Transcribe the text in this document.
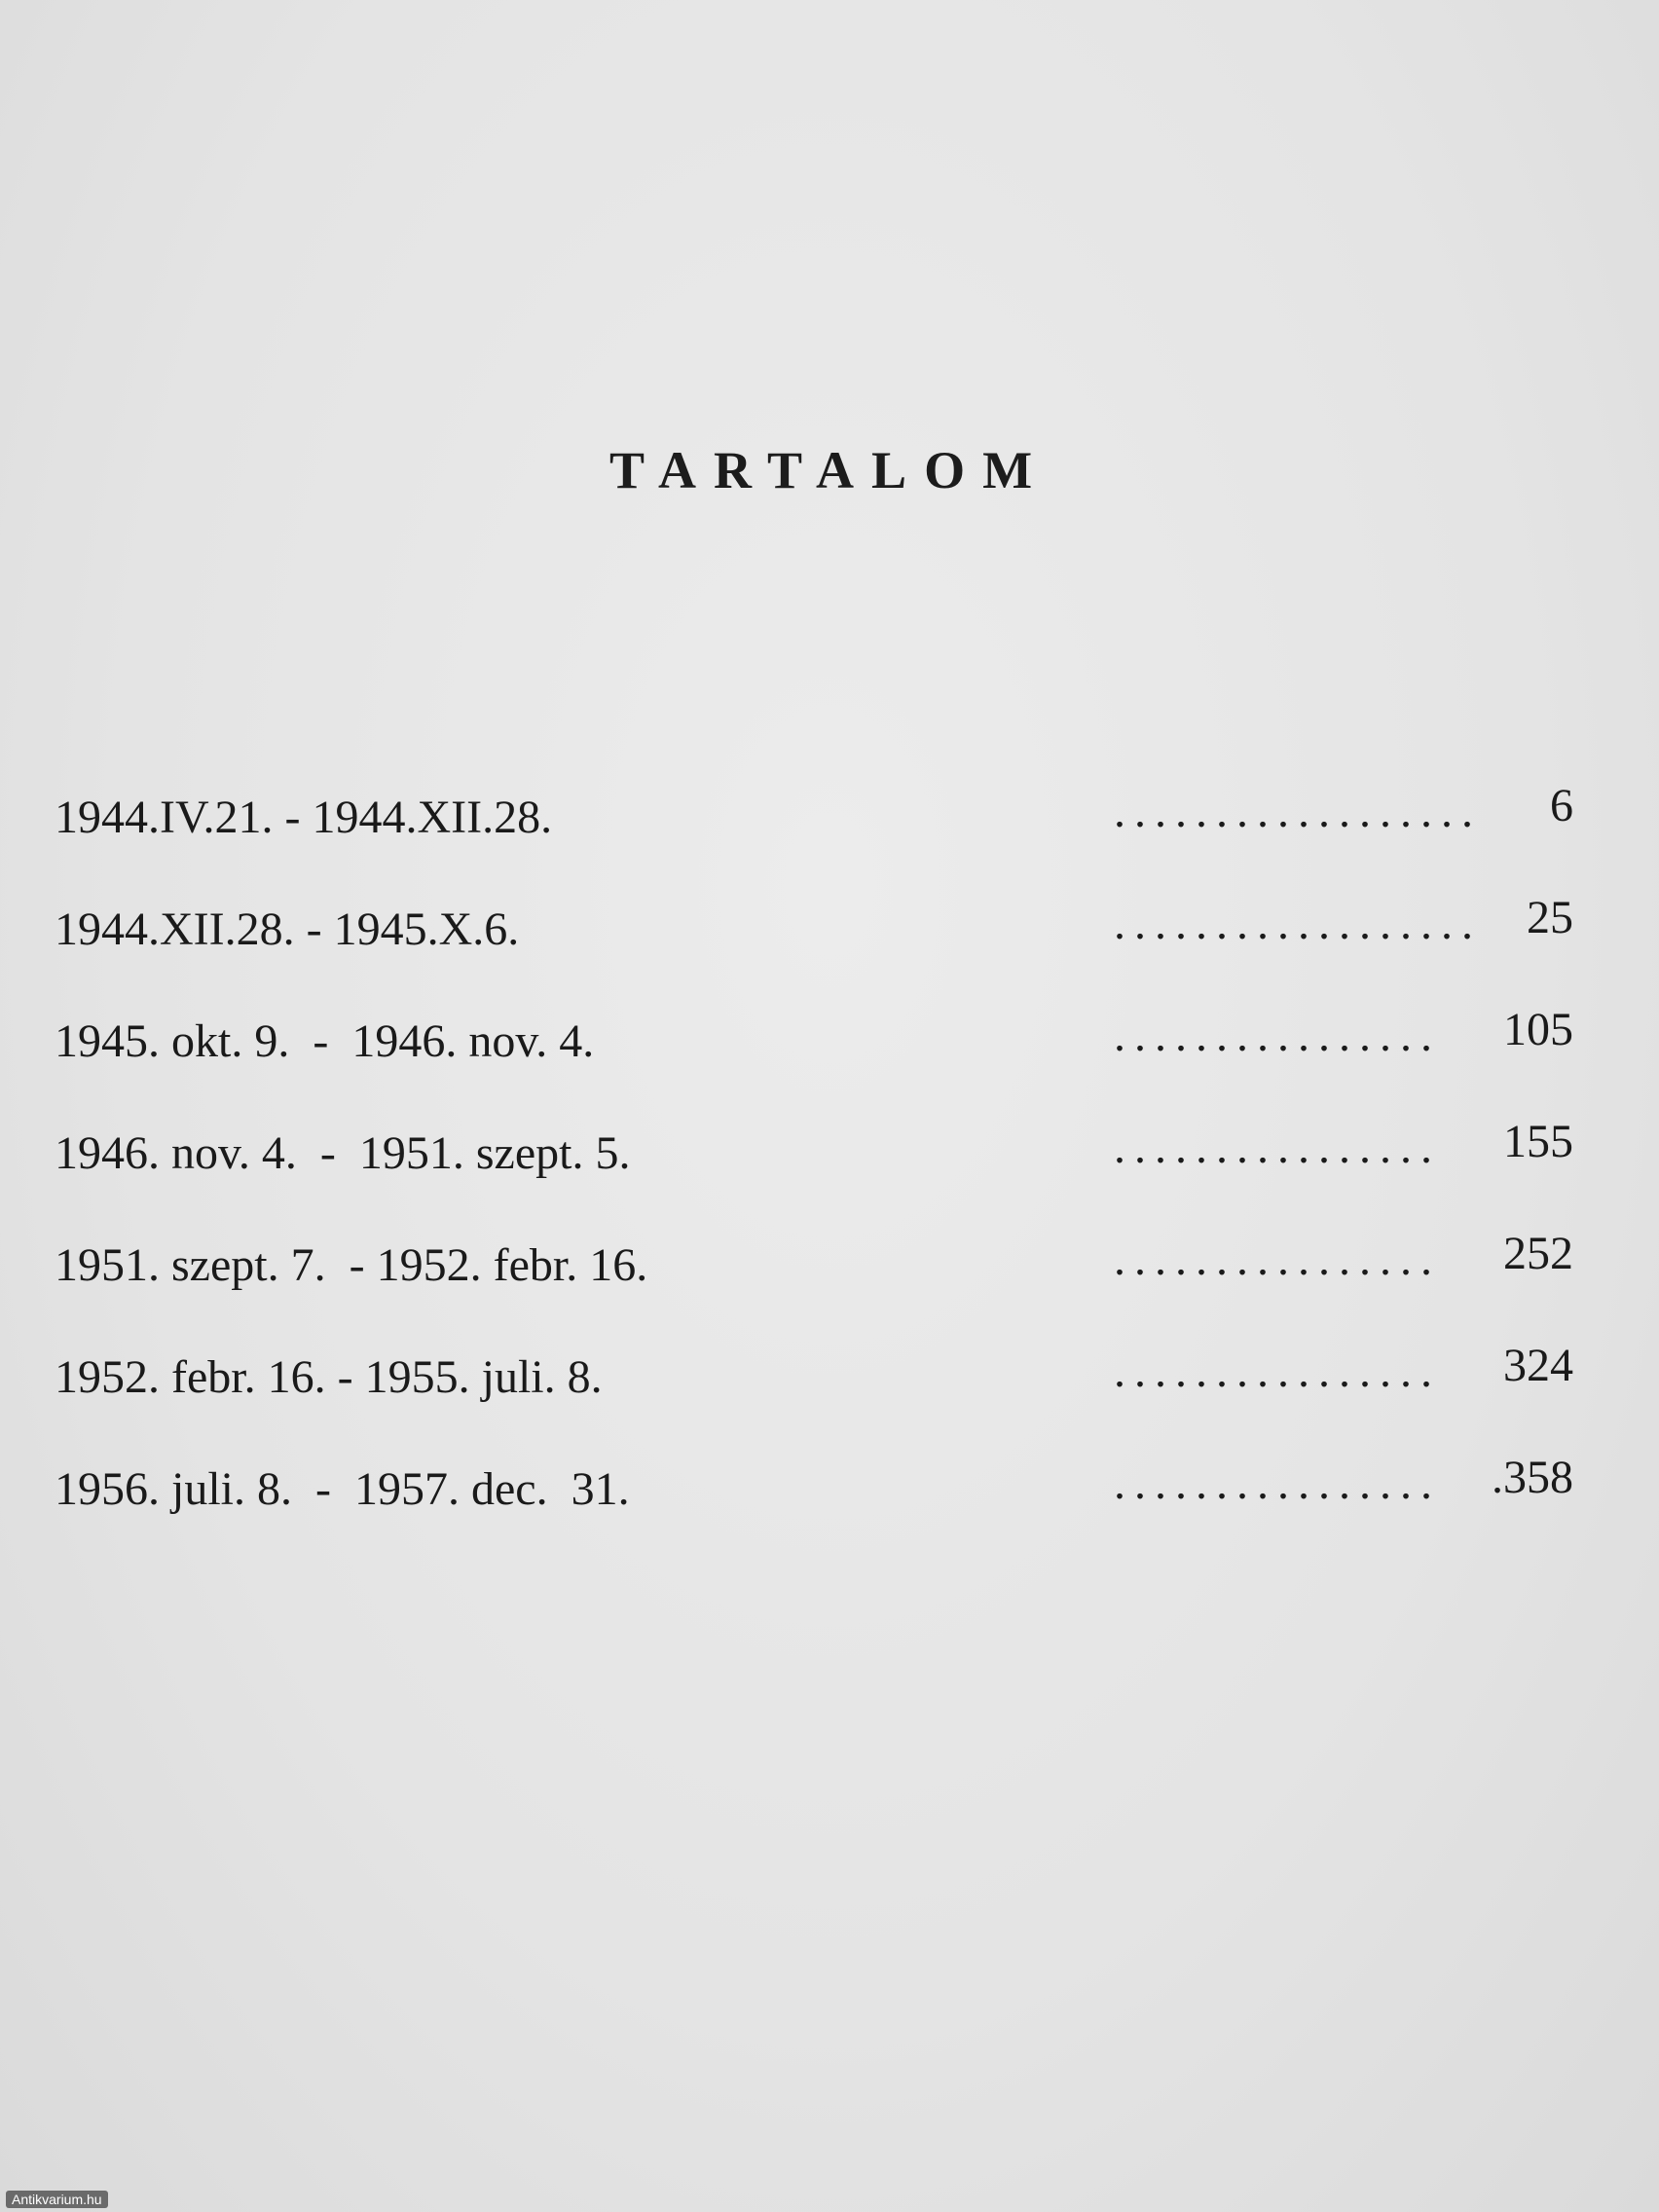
TARTALOM
1944.IV.21. - 1944.XII.28.	.................. 6
1944.XII.28. - 1945.X.6.	.................. 25
1945. okt. 9.  -  1946. nov. 4.	................ 105
1946. nov. 4.  -  1951. szept. 5.	................ 155
1951. szept. 7.  - 1952. febr. 16.	................ 252
1952. febr. 16. - 1955. juli. 8.	................ 324
1956. juli. 8.  -  1957. dec.  31.	................ .358
Antikvarium.hu
